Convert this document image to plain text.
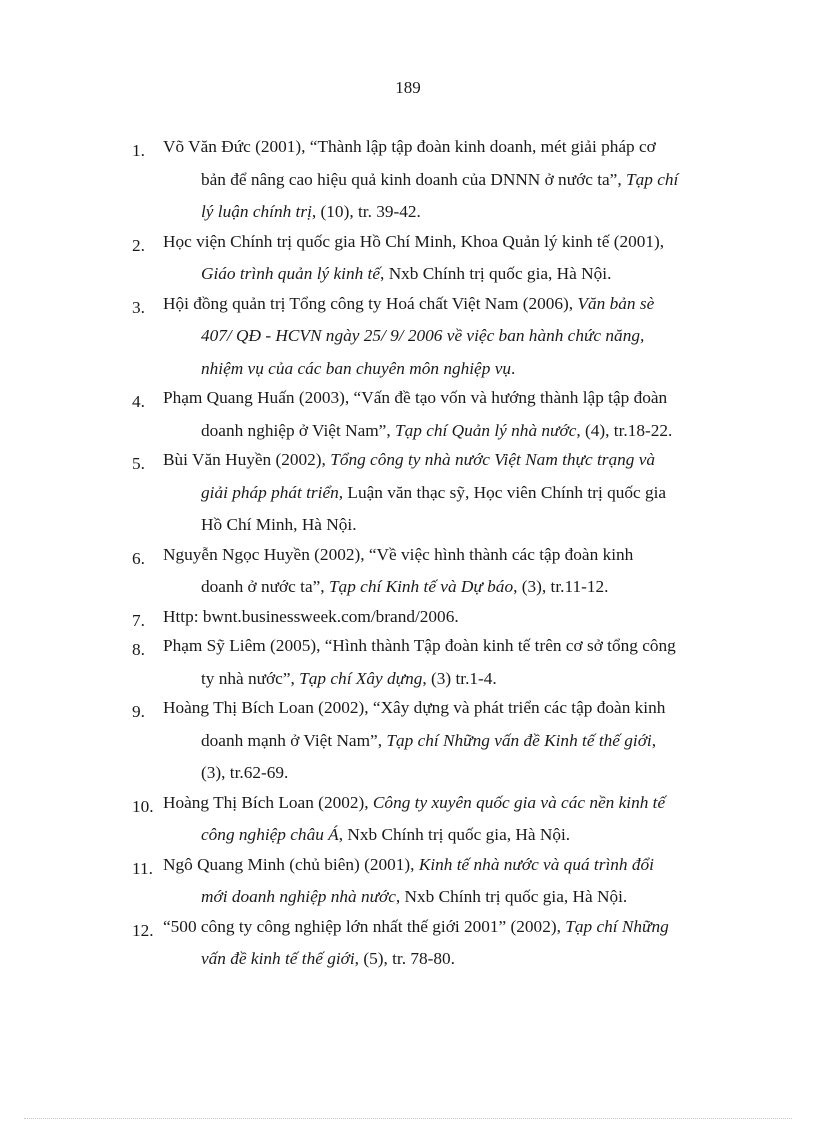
189
1. Võ Văn Đức (2001), “Thành lập tập đoàn kinh doanh, mét giải pháp cơ
bản để nâng cao hiệu quả kinh doanh của DNNN ở nước ta”, Tạp chí
lý luận chính trị, (10), tr. 39-42.
2. Học viện Chính trị quốc gia Hồ Chí Minh, Khoa Quản lý kinh tế (2001),
Giáo trình quản lý kinh tế, Nxb Chính trị quốc gia, Hà Nội.
3. Hội đồng quản trị Tổng công ty Hoá chất Việt Nam (2006), Văn bản sè
407/ QĐ - HCVN ngày 25/ 9/ 2006 về việc ban hành chức năng,
nhiệm vụ của các ban chuyên môn nghiệp vụ.
4. Phạm Quang Huấn (2003), “Vấn đề tạo vốn và hướng thành lập tập đoàn
doanh nghiệp ở Việt Nam”, Tạp chí Quản lý nhà nước, (4), tr.18-22.
5. Bùi Văn Huyền (2002), Tổng công ty nhà nước Việt Nam thực trạng và
giải pháp phát triển, Luận văn thạc sỹ, Học viên Chính trị quốc gia
Hồ Chí Minh, Hà Nội.
6. Nguyễn Ngọc Huyền (2002), “Về việc hình thành các tập đoàn kinh
doanh ở nước ta”, Tạp chí Kinh tế và Dự báo, (3), tr.11-12.
7. Http: bwnt.businessweek.com/brand/2006.
8. Phạm Sỹ Liêm (2005), “Hình thành Tập đoàn kinh tế trên cơ sở tổng công
ty nhà nước”, Tạp chí Xây dựng, (3) tr.1-4.
9. Hoàng Thị Bích Loan (2002), “Xây dựng và phát triển các tập đoàn kinh
doanh mạnh ở Việt Nam”, Tạp chí Những vấn đề Kinh tế thế giới,
(3), tr.62-69.
10. Hoàng Thị Bích Loan (2002), Công ty xuyên quốc gia và các nền kinh tế
công nghiệp châu Á, Nxb Chính trị quốc gia, Hà Nội.
11. Ngô Quang Minh (chủ biên) (2001), Kinh tế nhà nước và quá trình đổi
mới doanh nghiệp nhà nước, Nxb Chính trị quốc gia, Hà Nội.
12. “500 công ty công nghiệp lớn nhất thế giới 2001” (2002), Tạp chí Những
vấn đề kinh tế thế giới, (5), tr. 78-80.
